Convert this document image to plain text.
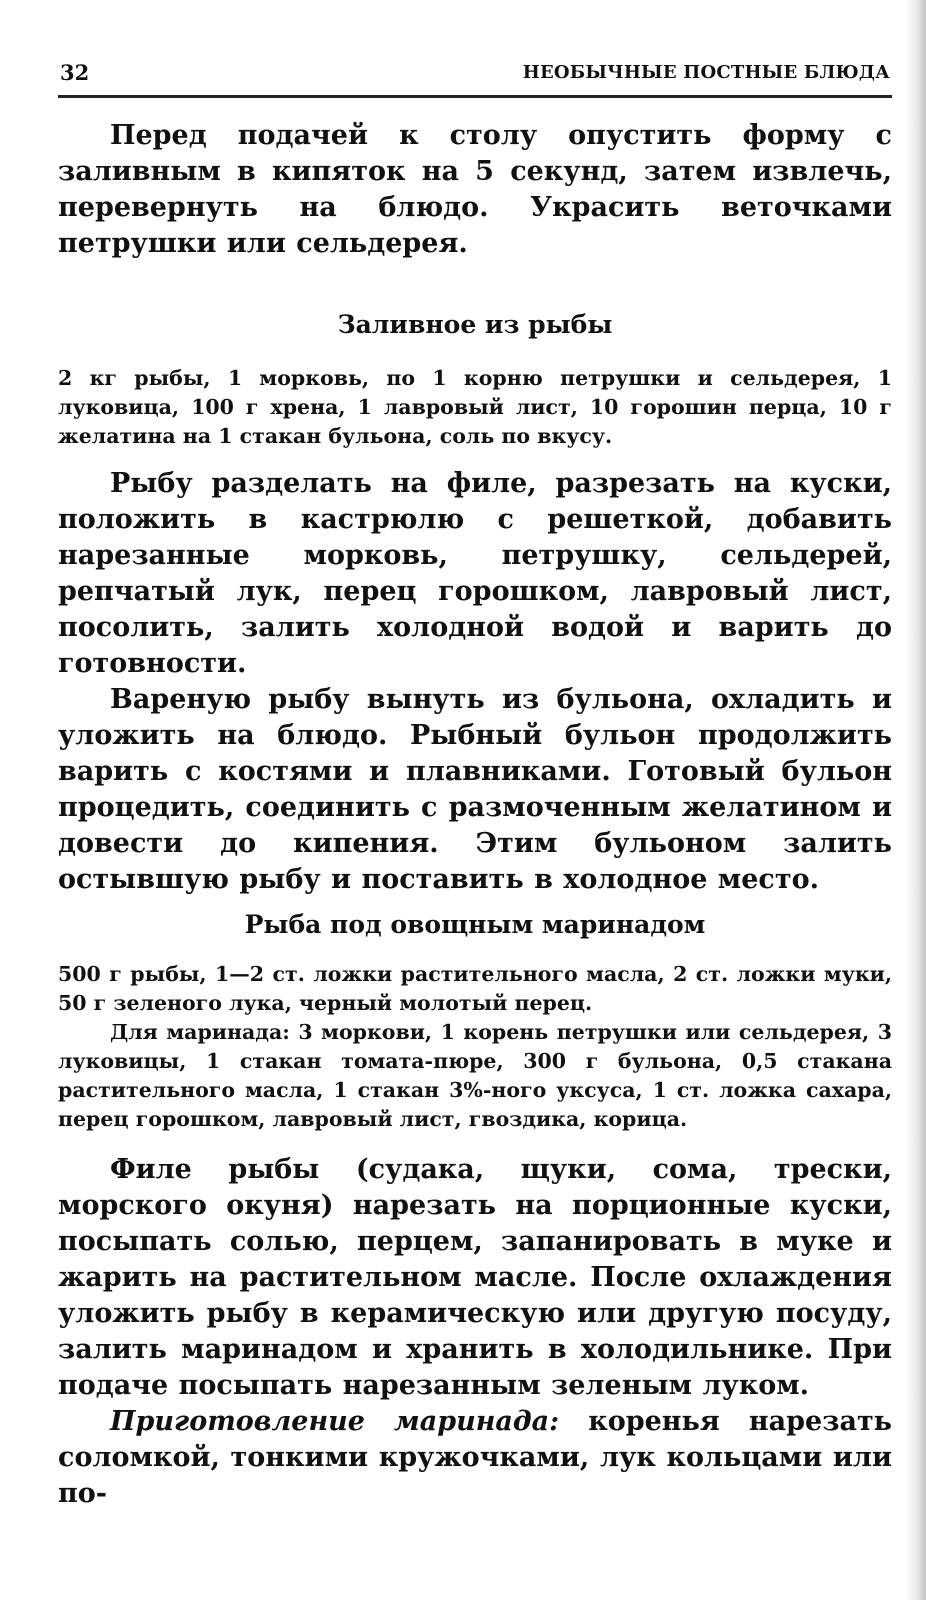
32	НЕОБЫЧНЫЕ ПОСТНЫЕ БЛЮДА

Перед подачей к столу опустить форму с заливным в кипяток на 5 секунд, затем извлечь, перевернуть на блюдо. Украсить веточками петрушки или сельдерея.

Заливное из рыбы

2 кг рыбы, 1 морковь, по 1 корню петрушки и сельдерея, 1 луковица, 100 г хрена, 1 лавровый лист, 10 горошин перца, 10 г желатина на 1 стакан бульона, соль по вкусу.

Рыбу разделать на филе, разрезать на куски, положить в кастрюлю с решеткой, добавить нарезанные морковь, петрушку, сельдерей, репчатый лук, перец горошком, лавровый лист, посолить, залить холодной водой и варить до готовности.

Вареную рыбу вынуть из бульона, охладить и уложить на блюдо. Рыбный бульон продолжить варить с костями и плавниками. Готовый бульон процедить, соединить с размоченным желатином и довести до кипения. Этим бульоном залить остывшую рыбу и поставить в холодное место.

Рыба под овощным маринадом

500 г рыбы, 1—2 ст. ложки растительного масла, 2 ст. ложки муки, 50 г зеленого лука, черный молотый перец.

Для маринада: 3 моркови, 1 корень петрушки или сельдерея, 3 луковицы, 1 стакан томата-пюре, 300 г бульона, 0,5 стакана растительного масла, 1 стакан 3%-ного уксуса, 1 ст. ложка сахара, перец горошком, лавровый лист, гвоздика, корица.

Филе рыбы (судака, щуки, сома, трески, морского окуня) нарезать на порционные куски, посыпать солью, перцем, запанировать в муке и жарить на растительном масле. После охлаждения уложить рыбу в керамическую или другую посуду, залить маринадом и хранить в холодильнике. При подаче посыпать нарезанным зеленым луком.

Приготовление маринада: коренья нарезать соломкой, тонкими кружочками, лук кольцами или по-
